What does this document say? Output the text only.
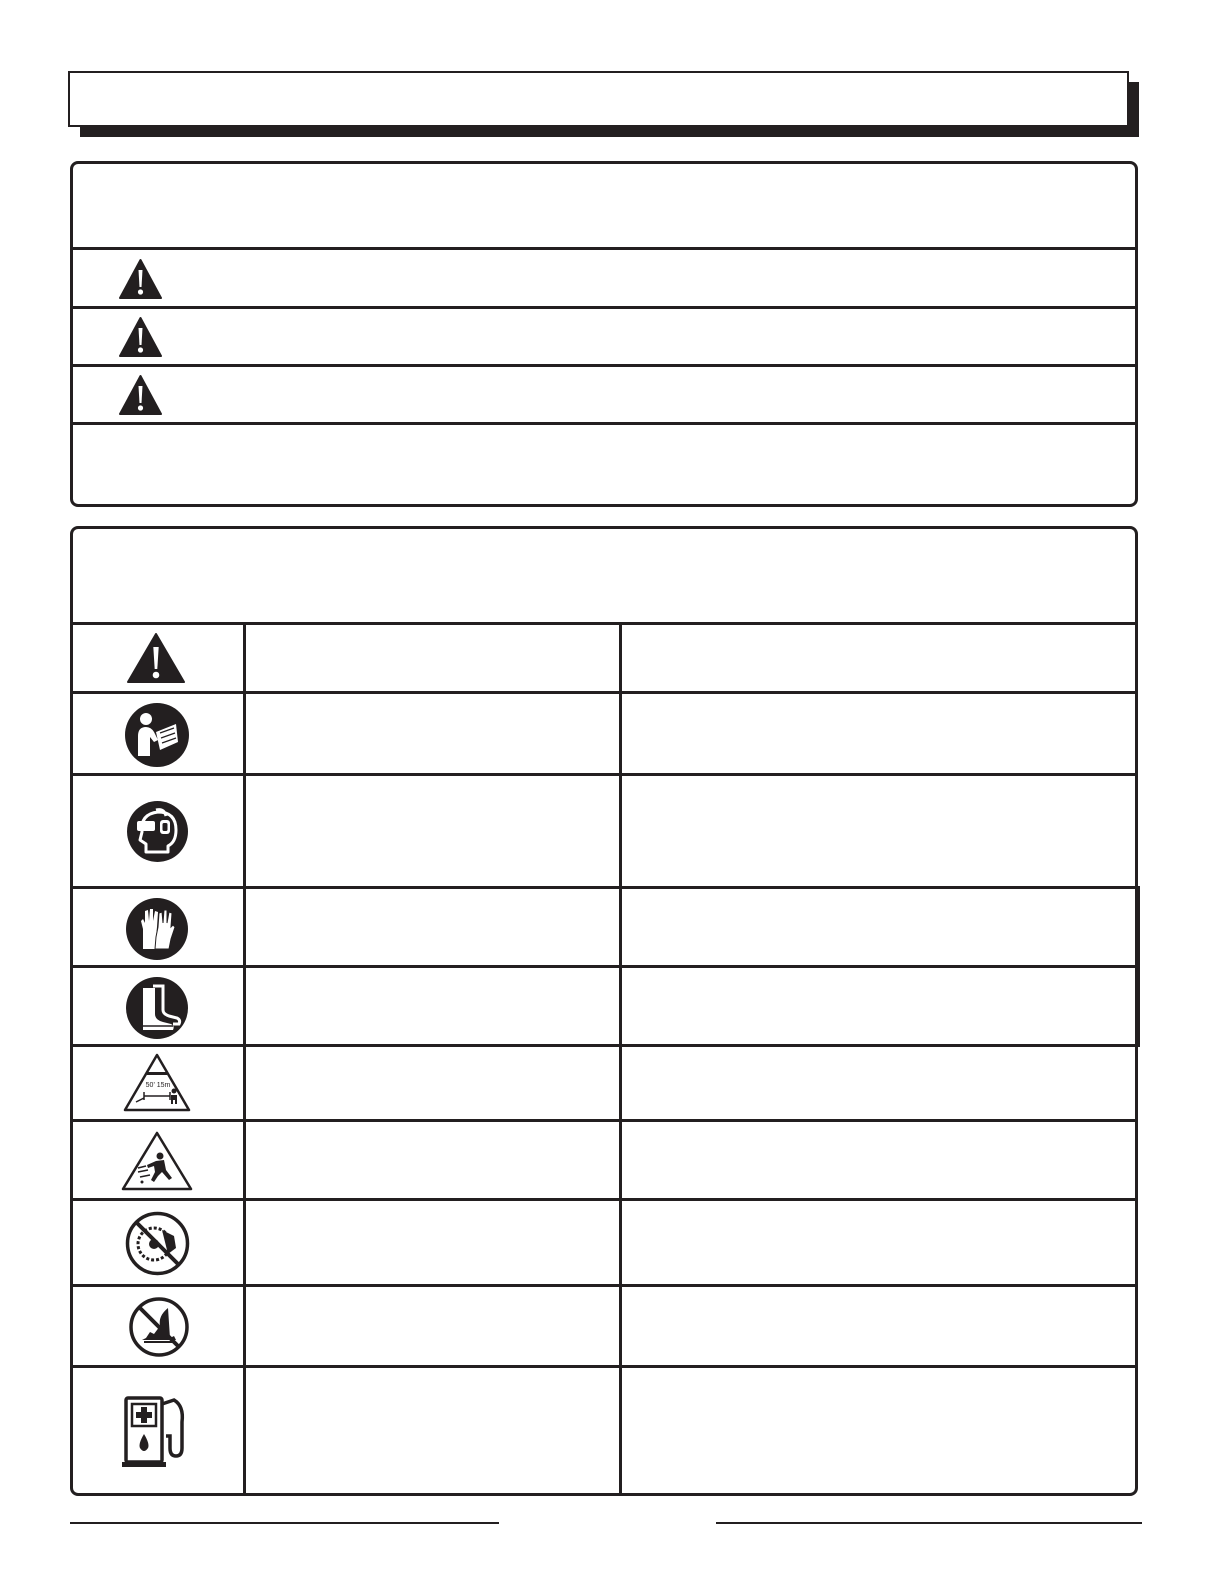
50' 15m
